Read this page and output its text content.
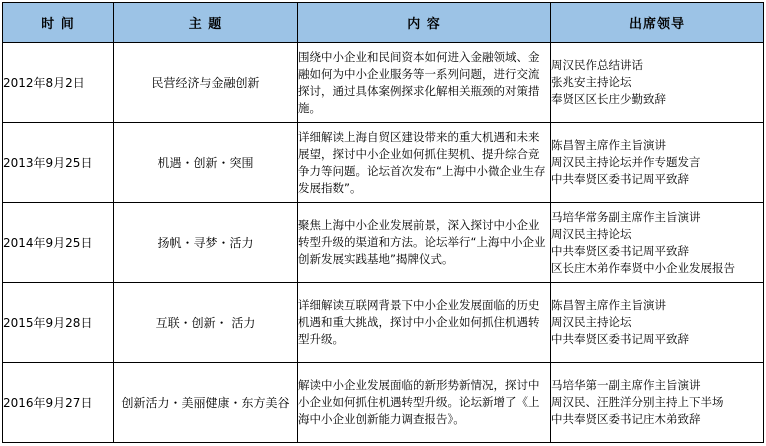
时 间	主 题	内 容	出席领导
2012年8月2日	民营经济与金融创新	围绕中小企业和民间资本如何进入金融领域、金融如何为中小企业服务等一系列问题，进行交流探讨，通过具体案例探求化解相关瓶颈的对策措施。	周汉民作总结讲话
张兆安主持论坛
奉贤区区长庄少勤致辞

2013年9月25日	机遇・创新・突围	详细解读上海自贸区建设带来的重大机遇和未来展望，探讨中小企业如何抓住契机、提升综合竞争力等问题。论坛首次发布“上海中小微企业生存发展指数”。	陈昌智主席作主旨演讲
周汉民主持论坛并作专题发言
中共奉贤区委书记周平致辞

2014年9月25日	扬帆・寻梦・活力	聚焦上海中小企业发展前景，深入探讨中小企业转型升级的渠道和方法。论坛举行“上海中小企业创新发展实践基地”揭牌仪式。	马培华常务副主席作主旨演讲
周汉民主持论坛
中共奉贤区委书记周平致辞
区长庄木弟作奉贤中小企业发展报告

2015年9月28日	互联・创新・ 活力	详细解读互联网背景下中小企业发展面临的历史机遇和重大挑战，探讨中小企业如何抓住机遇转型升级。	陈昌智主席作主旨演讲
周汉民主持论坛
中共奉贤区委书记周平致辞

2016年9月27日	创新活力・美丽健康・东方美谷	解读中小企业发展面临的新形势新情况，探讨中小企业如何抓住机遇转型升级。论坛新增了《上海中小企业创新能力调查报告》。	马培华第一副主席作主旨演讲
周汉民、汪胜洋分别主持上下半场
中共奉贤区委书记庄木弟致辞
